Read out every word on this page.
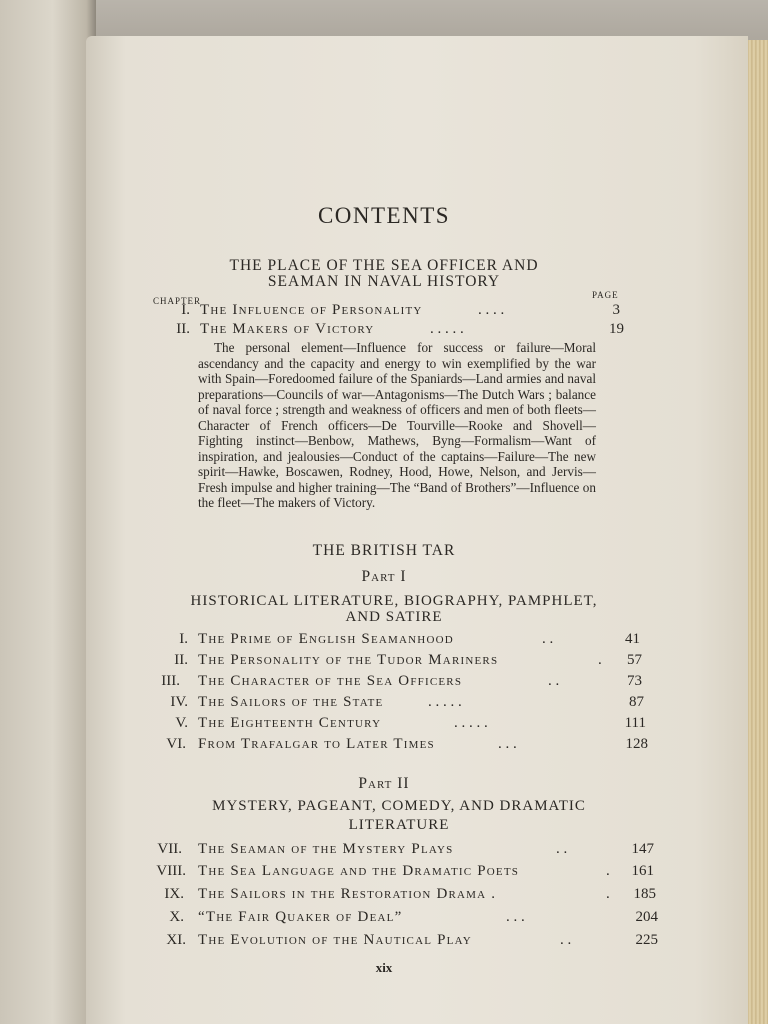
CONTENTS
THE PLACE OF THE SEA OFFICER AND
SEAMAN IN NAVAL HISTORY
CHAPTER
PAGE
I. The Influence of Personality	. . . .	3
II. The Makers of Victory	. . . . .	19
The personal element—Influence for success or failure—Moral ascendancy and the capacity and energy to win exemplified by the war with Spain—Foredoomed failure of the Spaniards—Land armies and naval preparations—Councils of war—Antagonisms—The Dutch Wars ; balance of naval force ; strength and weakness of officers and men of both fleets—Character of French officers—De Tourville—Rooke and Shovell—Fighting instinct—Benbow, Mathews, Byng—Formalism—Want of inspiration, and jealousies—Conduct of the captains—Failure—The new spirit—Hawke, Boscawen, Rodney, Hood, Howe, Nelson, and Jervis—Fresh impulse and higher training—The “Band of Brothers”—Influence on the fleet—The makers of Victory.
THE BRITISH TAR
Part I
HISTORICAL LITERATURE, BIOGRAPHY, PAMPHLET,
AND SATIRE
I. The Prime of English Seamanhood	. .	41
II. The Personality of the Tudor Mariners	.	57
III. The Character of the Sea Officers	. .	73
IV. The Sailors of the State	. . . . .	87
V. The Eighteenth Century	. . . . .	111
VI. From Trafalgar to Later Times	. . .	128
Part II
MYSTERY, PAGEANT, COMEDY, AND DRAMATIC
LITERATURE
VII. The Seaman of the Mystery Plays	. .	147
VIII. The Sea Language and the Dramatic Poets	.	161
IX. The Sailors in the Restoration Drama .	.	185
X. “The Fair Quaker of Deal”	. . .	204
XI. The Evolution of the Nautical Play	. .	225
xix
